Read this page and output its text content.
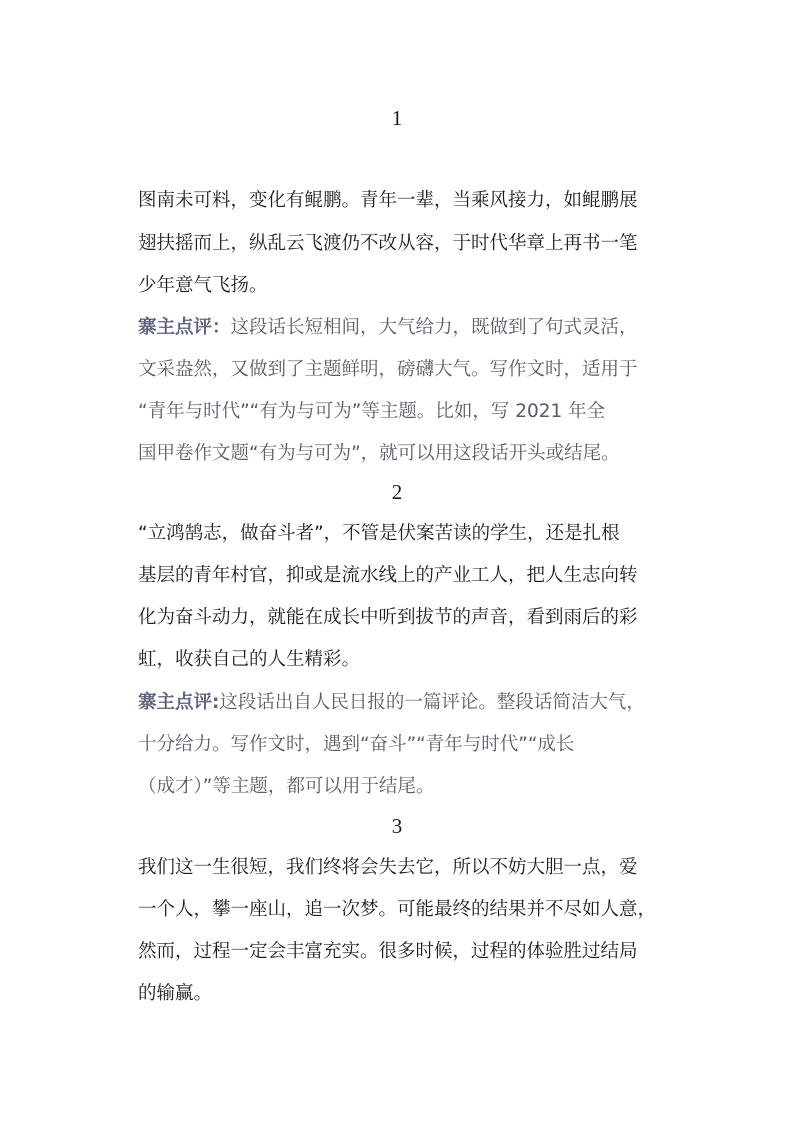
1
图南未可料，变化有鲲鹏。青年一辈，当乘风接力，如鲲鹏展
翅扶摇而上，纵乱云飞渡仍不改从容，于时代华章上再书一笔
少年意气飞扬。
寨主点评：这段话长短相间，大气给力，既做到了句式灵活，
文采盎然，又做到了主题鲜明，磅礴大气。写作文时，适用于
“青年与时代”“有为与可为”等主题。比如，写 2021 年全
国甲卷作文题“有为与可为”，就可以用这段话开头或结尾。
2
“立鸿鹄志，做奋斗者”，不管是伏案苦读的学生，还是扎根
基层的青年村官，抑或是流水线上的产业工人，把人生志向转
化为奋斗动力，就能在成长中听到拔节的声音，看到雨后的彩
虹，收获自己的人生精彩。
寨主点评:这段话出自人民日报的一篇评论。整段话简洁大气，
十分给力。写作文时，遇到“奋斗”“青年与时代”“成长
（成才）”等主题，都可以用于结尾。
3
我们这一生很短，我们终将会失去它，所以不妨大胆一点，爱
一个人，攀一座山，追一次梦。可能最终的结果并不尽如人意，
然而，过程一定会丰富充实。很多时候，过程的体验胜过结局
的输赢。
